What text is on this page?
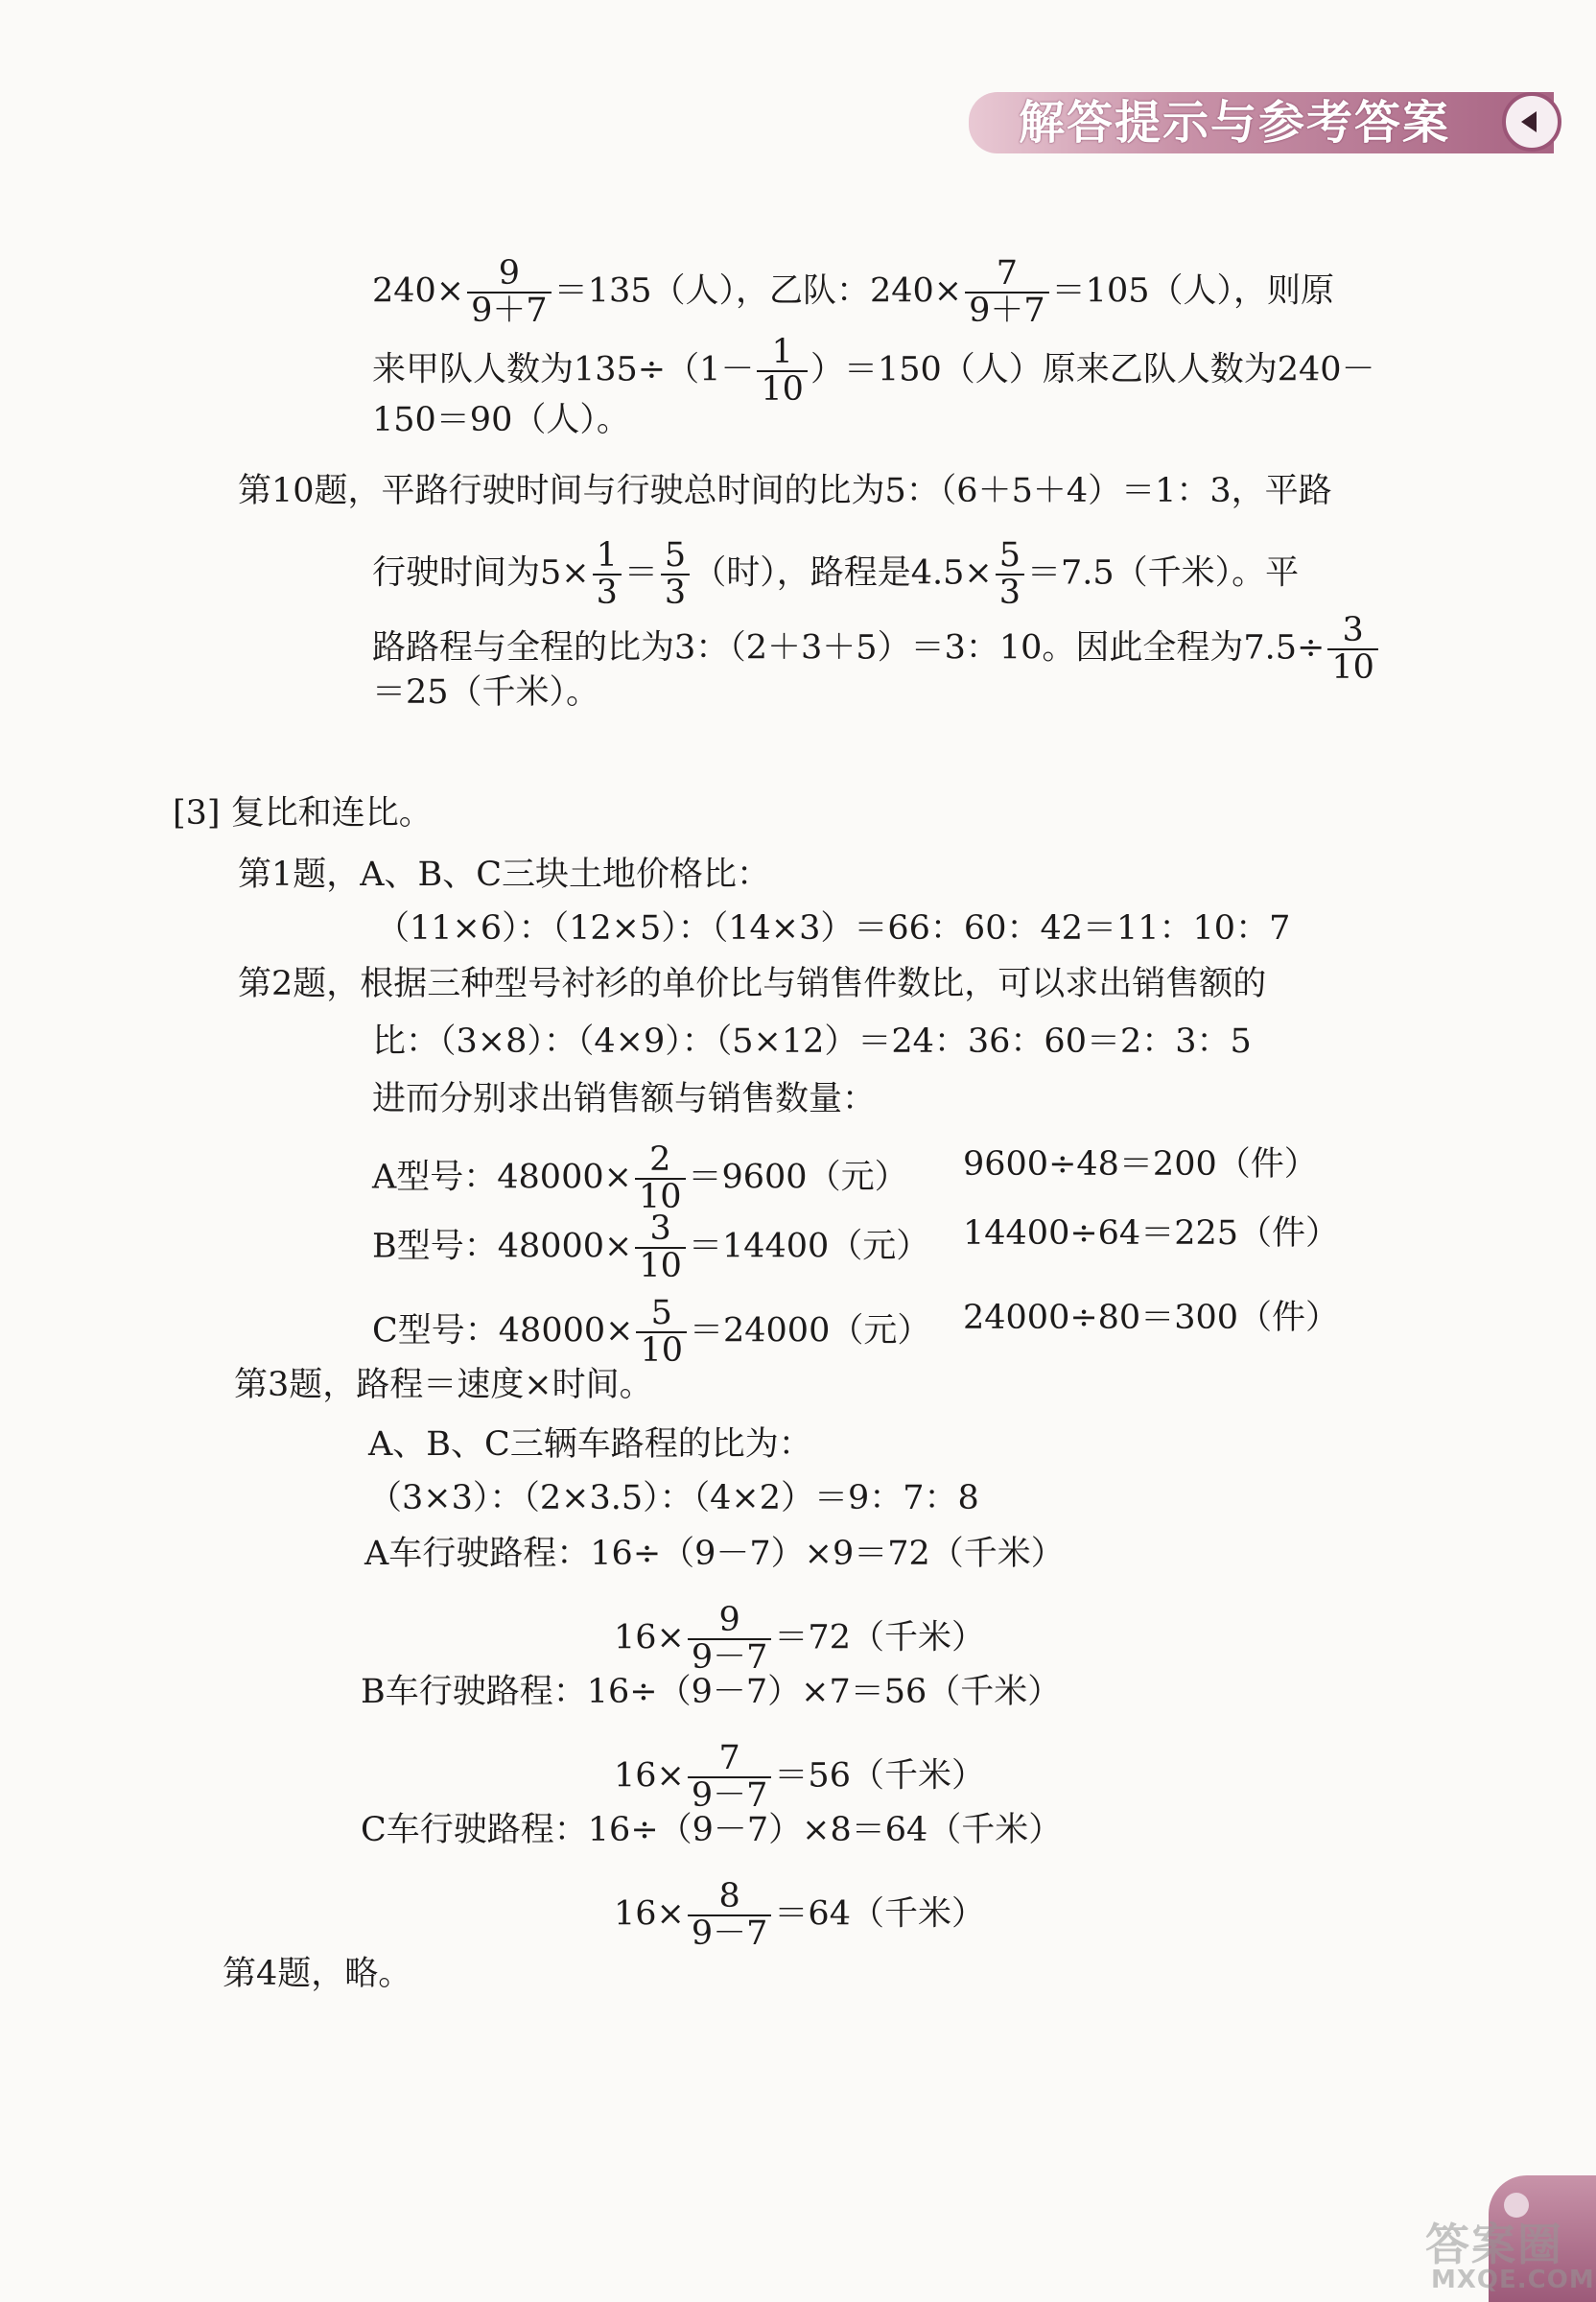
解答提示与参考答案
$240\times \frac{9}{9+7} =135$（人），乙队：$240\times \frac{7}{9+7} =105$（人），则原
来甲队人数为$135\div(1- \frac{1}{10} )=150$（人）原来乙队人数为240－
150＝90（人）。
第10题，平路行驶时间与行驶总时间的比为5：（6＋5＋4）＝1：3，平路
行驶时间为$5\times \frac{1}{3} = \frac{5}{3}$ （时），路程是$4.5\times \frac{5}{3} =7.5$（千米）。平
路路程与全程的比为3：（2＋3＋5）＝3：10。因此全程为$7.5\div \frac{3}{10}$
＝25（千米）。
[3] 复比和连比。
第1题，A、B、C三块土地价格比：
（11×6）：（12×5）：（14×3）＝66：60：42＝11：10：7
第2题，根据三种型号衬衫的单价比与销售件数比，可以求出销售额的
比：（3×8）：（4×9）：（5×12）＝24：36：60＝2：3：5
进而分别求出销售额与销售数量：
A型号：$48000\times \frac{2}{10} =9600$（元） 9600÷48＝200（件）
B型号：$48000\times \frac{3}{10} =14400$（元） 14400÷64＝225（件）
C型号：$48000\times \frac{5}{10} =24000$（元） 24000÷80＝300（件）
第3题，路程＝速度×时间。
A、B、C三辆车路程的比为：
（3×3）：（2×3.5）：（4×2）＝9：7：8
A车行驶路程：16÷（9－7）×9＝72（千米）
$16\times \frac{9}{9-7} =72$（千米）
B车行驶路程：16÷（9－7）×7＝56（千米）
$16\times \frac{7}{9-7} =56$（千米）
C车行驶路程：16÷（9－7）×8＝64（千米）
$16\times \frac{8}{9-7} =64$（千米）
第4题，略。
答案圈
MXQE.COM
